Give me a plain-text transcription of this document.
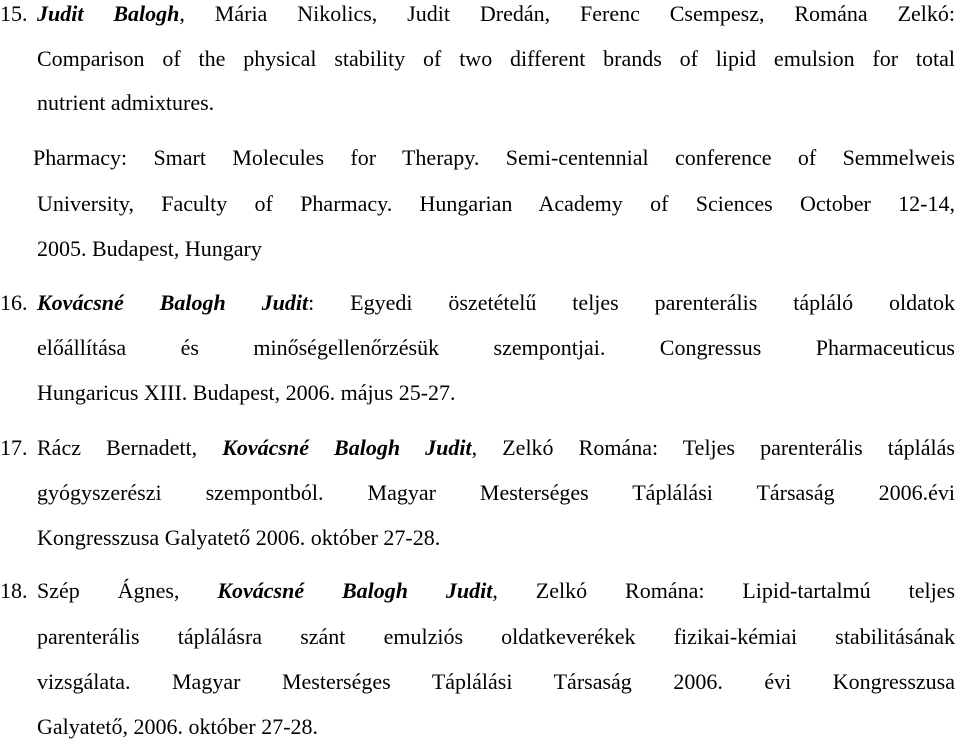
15. Judit Balogh, Mária Nikolics, Judit Dredán, Ferenc Csempesz, Romána Zelkó:
Comparison of the physical stability of two different brands of lipid emulsion for total
nutrient admixtures.
Pharmacy: Smart Molecules for Therapy. Semi-centennial conference of Semmelweis
University, Faculty of Pharmacy. Hungarian Academy of Sciences October 12-14,
2005. Budapest, Hungary
16. Kovácsné Balogh Judit: Egyedi öszetételű teljes parenterális tápláló oldatok
előállítása és minőségellenőrzésük szempontjai. Congressus Pharmaceuticus
Hungaricus XIII. Budapest, 2006. május 25-27.
17. Rácz Bernadett, Kovácsné Balogh Judit, Zelkó Romána: Teljes parenterális táplálás
gyógyszerészi szempontból. Magyar Mesterséges Táplálási Társaság 2006.évi
Kongresszusa Galyatető 2006. október 27-28.
18. Szép Ágnes, Kovácsné Balogh Judit, Zelkó Romána: Lipid-tartalmú teljes
parenterális táplálásra szánt emulziós oldatkeverékek fizikai-kémiai stabilitásának
vizsgálata. Magyar Mesterséges Táplálási Társaság 2006. évi Kongresszusa
Galyatető, 2006. október 27-28.
